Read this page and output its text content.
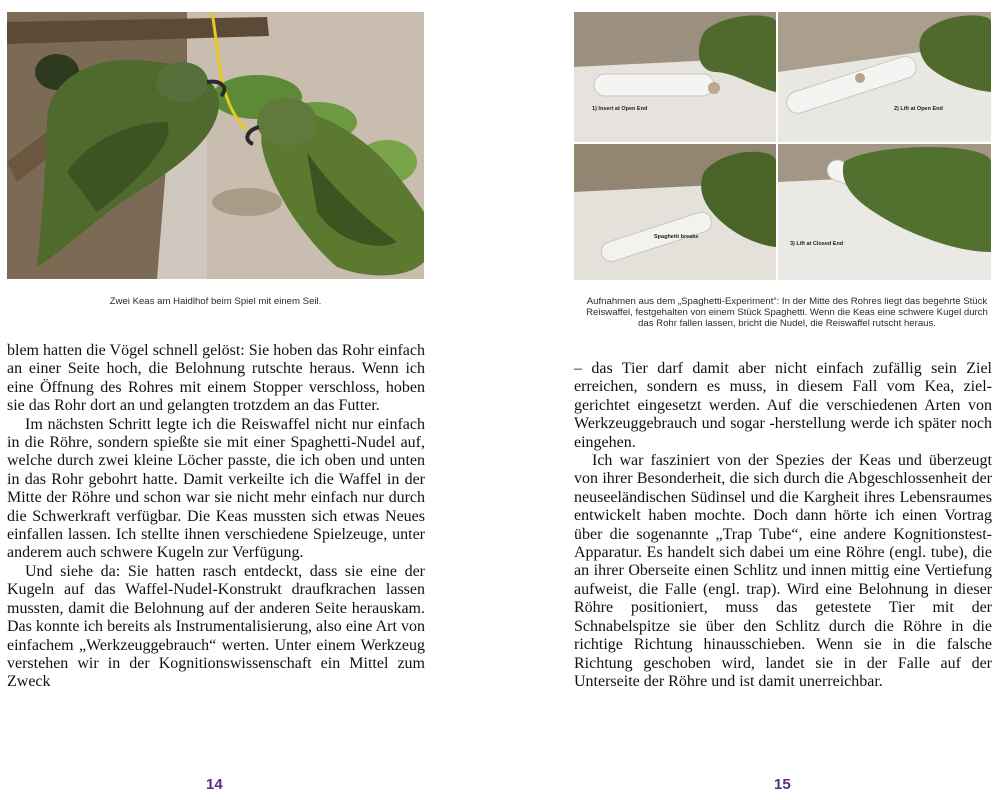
Zwei Keas am Haidlhof beim Spiel mit einem Seil.

blem hatten die Vögel schnell gelöst: Sie hoben das Rohr einfach an einer Seite hoch, die Belohnung rutschte heraus. Wenn ich eine Öffnung des Rohres mit einem Stopper verschloss, hoben sie das Rohr dort an und gelangten trotzdem an das Futter.

Im nächsten Schritt legte ich die Reiswaffel nicht nur einfach in die Röhre, sondern spießte sie mit einer Spaghetti-Nudel auf, welche durch zwei kleine Löcher passte, die ich oben und unten in das Rohr gebohrt hatte. Damit verkeilte ich die Waffel in der Mitte der Röhre und schon war sie nicht mehr einfach nur durch die Schwerkraft verfügbar. Die Keas mussten sich etwas Neues einfallen lassen. Ich stellte ihnen verschiedene Spielzeuge, unter anderem auch schwere Kugeln zur Verfügung.

Und siehe da: Sie hatten rasch entdeckt, dass sie eine der Kugeln auf das Waffel-Nudel-Konstrukt draufkrachen lassen mussten, damit die Belohnung auf der anderen Seite herauskam. Das konnte ich bereits als Instrumentalisierung, also eine Art von einfachem „Werkzeuggebrauch“ werten. Unter einem Werkzeug verstehen wir in der Kognitionswissenschaft ein Mittel zum Zweck

14
1) Insert at Open End	2) Lift at Open End
Spaghetti breaks
3) Lift at Closed End
Aufnahmen aus dem „Spaghetti-Experiment“: In der Mitte des Rohres liegt das begehrte Stück Reiswaffel, festgehalten von einem Stück Spaghetti. Wenn die Keas eine schwere Kugel durch das Rohr fallen lassen, bricht die Nudel, die Reiswaffel rutscht heraus.

– das Tier darf damit aber nicht einfach zufällig sein Ziel erreichen, sondern es muss, in diesem Fall vom Kea, zielgerichtet eingesetzt werden. Auf die verschiedenen Arten von Werkzeuggebrauch und sogar -herstellung werde ich später noch eingehen.

Ich war fasziniert von der Spezies der Keas und überzeugt von ihrer Besonderheit, die sich durch die Abgeschlossenheit der neuseeländischen Südinsel und die Kargheit ihres Lebensraumes entwickelt haben mochte. Doch dann hörte ich einen Vortrag über die sogenannte „Trap Tube“, eine andere Kognitionstest-Apparatur. Es handelt sich dabei um eine Röhre (engl. tube), die an ihrer Oberseite einen Schlitz und innen mittig eine Vertiefung aufweist, die Falle (engl. trap). Wird eine Belohnung in dieser Röhre positioniert, muss das getestete Tier mit der Schnabelspitze sie über den Schlitz durch die Röhre in die richtige Richtung hinausschieben. Wenn sie in die falsche Richtung geschoben wird, landet sie in der Falle auf der Unterseite der Röhre und ist damit unerreichbar.

15
